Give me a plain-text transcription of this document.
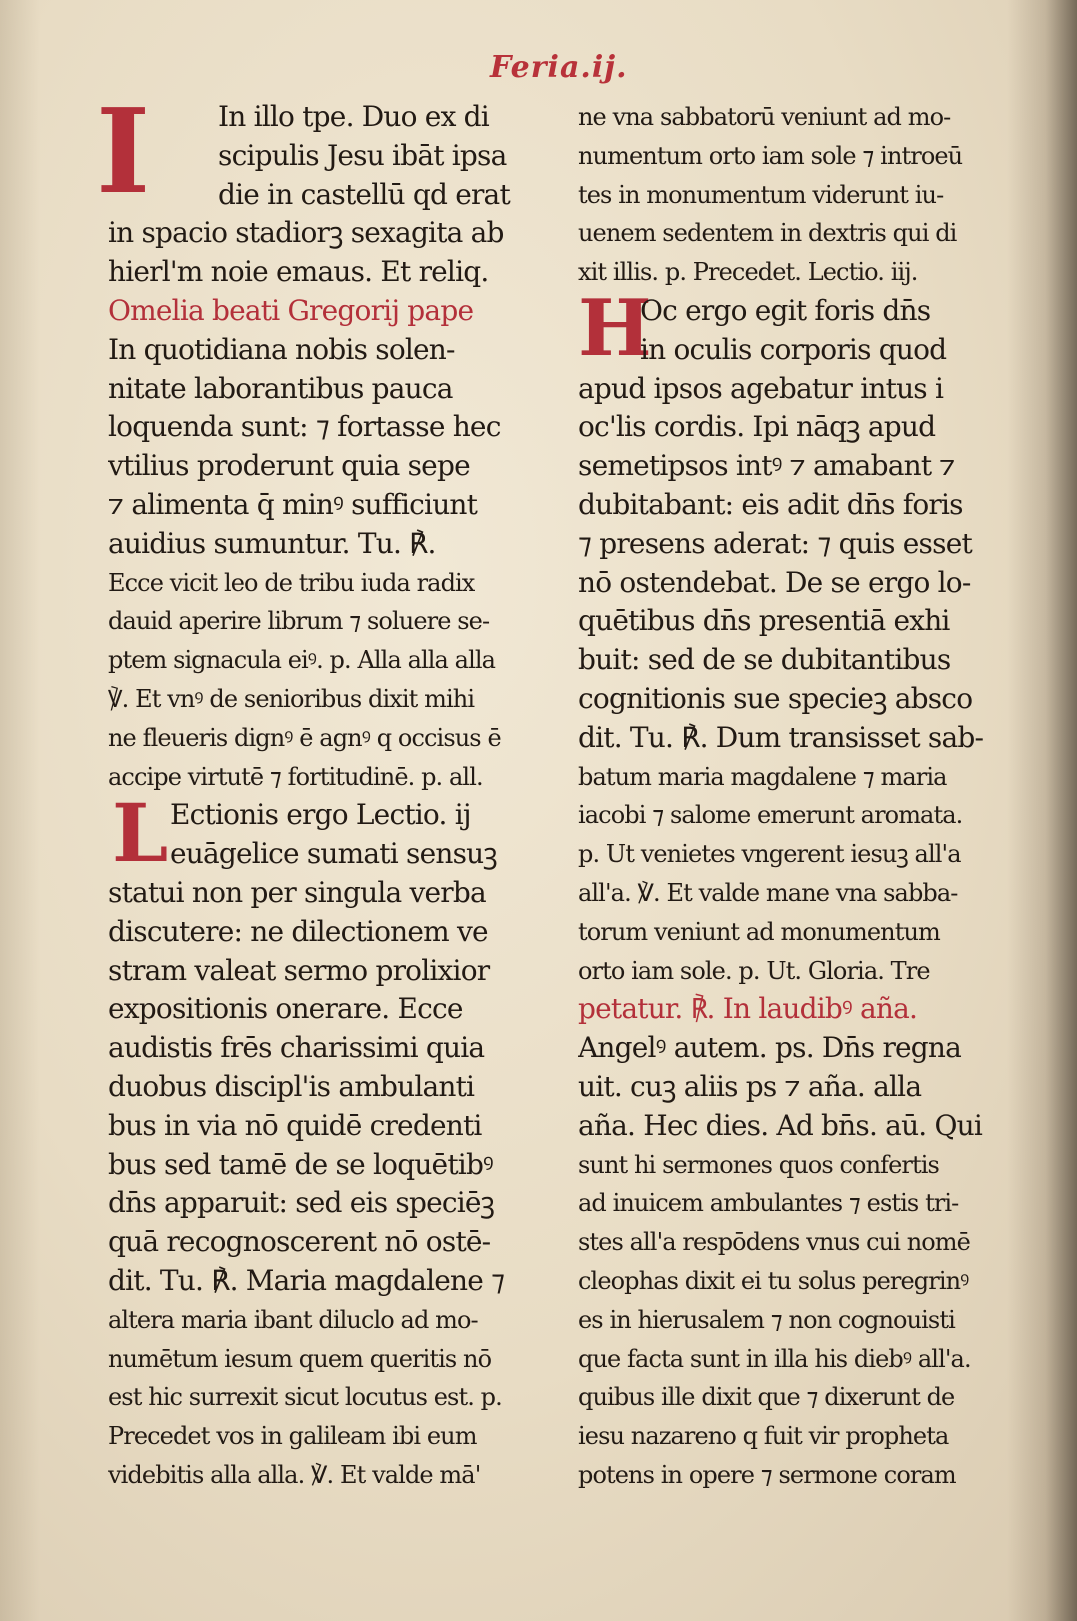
Feria.ij.
I
L
H
In illo tpe. Duo ex di
scipulis Jesu ibāt ipsa
die in castellū qd erat
in spacio stadiorꝫ sexagita ab
hierl'm noie emaus. Et reliq.
Omelia beati Gregorij pape
In quotidiana nobis solen-
nitate laborantibus pauca
loquenda sunt: ⁊ fortasse hec
vtilius proderunt quia sepe
⁊ alimenta q̄ minꝰ sufficiunt
auidius sumuntur. Tu. ℟.
Ecce vicit leo de tribu iuda radix
dauid aperire librum ⁊ soluere se-
ptem signacula eiꝰ. p. Alla alla alla
℣. Et vnꝰ de senioribus dixit mihi
ne fleueris dignꝰ ē agnꝰ q occisus ē
accipe virtutē ⁊ fortitudinē. p. all.
Ectionis ergo Lectio. ij
euāgelice sumati sensuꝫ
statui non per singula verba
discutere: ne dilectionem ve
stram valeat sermo prolixior
expositionis onerare. Ecce
audistis frēs charissimi quia
duobus discipl'is ambulanti
bus in via nō quidē credenti
bus sed tamē de se loquētibꝰ
dn̄s apparuit: sed eis speciēꝫ
quā recognoscerent nō ostē-
dit. Tu. ℟. Maria magdalene ⁊
altera maria ibant diluclo ad mo-
numētum iesum quem queritis nō
est hic surrexit sicut locutus est. p.
Precedet vos in galileam ibi eum
videbitis alla alla. ℣. Et valde mā'
ne vna sabbatorū veniunt ad mo-
numentum orto iam sole ⁊ introeū
tes in monumentum viderunt iu-
uenem sedentem in dextris qui di
xit illis. p. Precedet. Lectio. iij.
Oc ergo egit foris dn̄s
in oculis corporis quod
apud ipsos agebatur intus i
oc'lis cordis. Ipi nāqꝫ apud
semetipsos intꝰ ⁊ amabant ⁊
dubitabant: eis adit dn̄s foris
⁊ presens aderat: ⁊ quis esset
nō ostendebat. De se ergo lo-
quētibus dn̄s presentiā exhi
buit: sed de se dubitantibus
cognitionis sue specieꝫ absco
dit. Tu. ℟. Dum transisset sab-
batum maria magdalene ⁊ maria
iacobi ⁊ salome emerunt aromata.
p. Ut venietes vngerent iesuꝫ all'a
all'a. ℣. Et valde mane vna sabba-
torum veniunt ad monumentum
orto iam sole. p. Ut. Gloria. Tre
petatur. ℟. In laudibꝰ aña.
Angelꝰ autem. ps. Dn̄s regna
uit. cuꝫ aliis ps ⁊ aña. alla
aña. Hec dies. Ad bn̄s. aū. Qui
sunt hi sermones quos confertis
ad inuicem ambulantes ⁊ estis tri-
stes all'a respōdens vnus cui nomē
cleophas dixit ei tu solus peregrinꝰ
es in hierusalem ⁊ non cognouisti
que facta sunt in illa his diebꝰ all'a.
quibus ille dixit que ⁊ dixerunt de
iesu nazareno q fuit vir propheta
potens in opere ⁊ sermone coram
